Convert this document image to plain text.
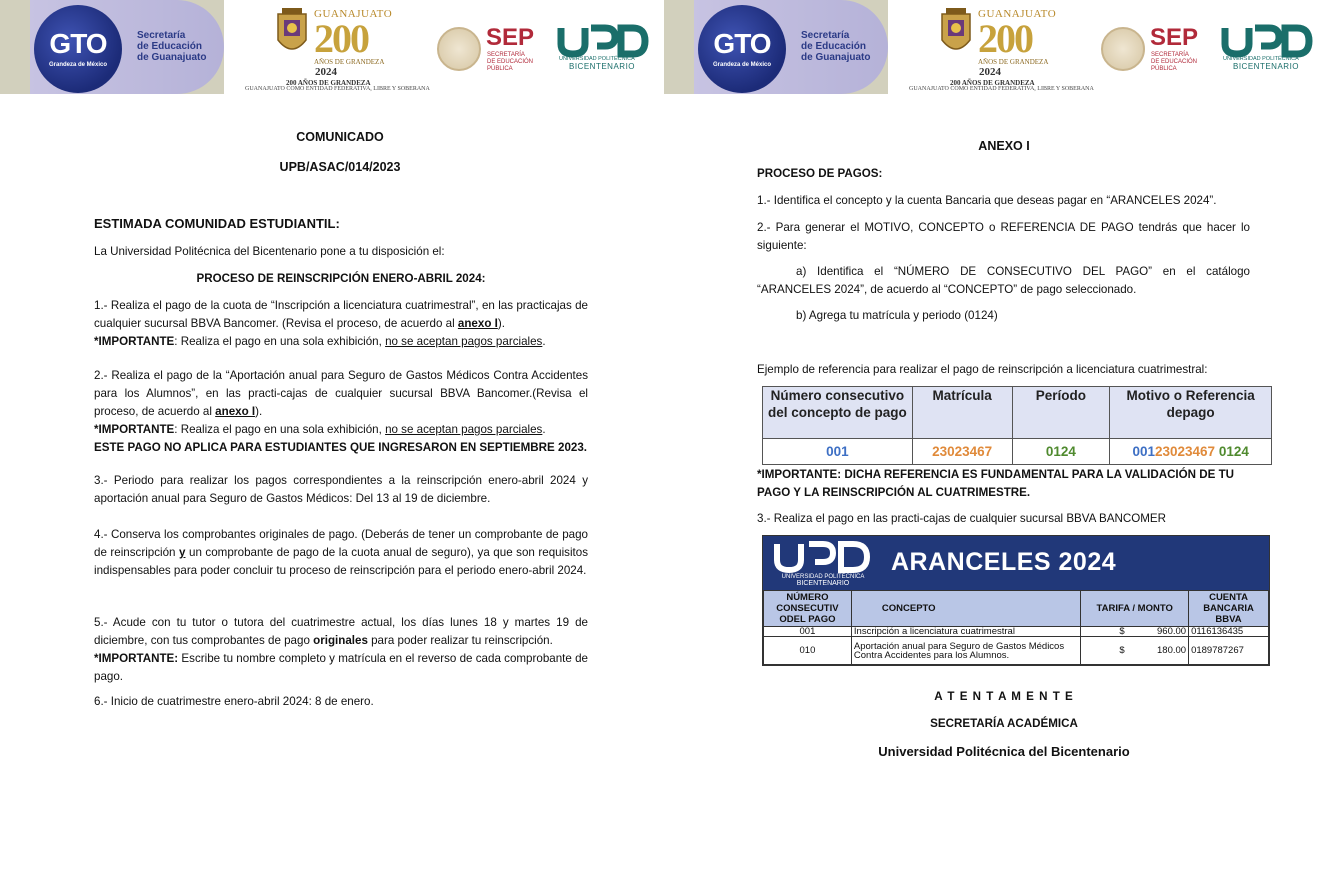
GTO
Grandeza de México
Secretaría
de Educación
de Guanajuato
GUANAJUATO
200
AÑOS DE GRANDEZA
2024
200 AÑOS DE GRANDEZA
GUANAJUATO COMO ENTIDAD FEDERATIVA, LIBRE Y SOBERANA
SEP
SECRETARÍA
DE EDUCACIÓN
PÚBLICA
UNIVERSIDAD POLITÉCNICA
BICENTENARIO
COMUNICADO
UPB/ASAC/014/2023
ESTIMADA COMUNIDAD ESTUDIANTIL:
La Universidad Politécnica del Bicentenario pone a tu disposición el:
PROCESO DE REINSCRIPCIÓN ENERO-ABRIL 2024:
1.- Realiza el pago de la cuota de “Inscripción a licenciatura cuatrimestral”, en las practicajas de cualquier sucursal BBVA Bancomer. (Revisa el proceso, de acuerdo al anexo I).
*IMPORTANTE: Realiza el pago en una sola exhibición, no se aceptan pagos parciales.
2.- Realiza el pago de la “Aportación anual para Seguro de Gastos Médicos Contra Accidentes para los Alumnos”, en las practi-cajas de cualquier sucursal BBVA Bancomer.(Revisa el proceso, de acuerdo al anexo I).
*IMPORTANTE: Realiza el pago en una sola exhibición, no se aceptan pagos parciales.
ESTE PAGO NO APLICA PARA ESTUDIANTES QUE INGRESARON EN SEPTIEMBRE 2023.
3.- Periodo para realizar los pagos correspondientes a la reinscripción enero-abril 2024 y aportación anual para Seguro de Gastos Médicos: Del 13 al 19 de diciembre.
4.- Conserva los comprobantes originales de pago. (Deberás de tener un comprobante de pago de reinscripción y un comprobante de pago de la cuota anual de seguro), ya que son requisitos indispensables para poder concluir tu proceso de reinscripción para el periodo enero-abril 2024.
5.- Acude con tu tutor o tutora del cuatrimestre actual, los días lunes 18 y martes 19 de diciembre, con tus comprobantes de pago originales para poder realizar tu reinscripción.
*IMPORTANTE: Escribe tu nombre completo y matrícula en el reverso de cada comprobante de pago.
6.- Inicio de cuatrimestre enero-abril 2024: 8 de enero.
GTO
Grandeza de México
Secretaría
de Educación
de Guanajuato
GUANAJUATO
200
AÑOS DE GRANDEZA
2024
200 AÑOS DE GRANDEZA
GUANAJUATO COMO ENTIDAD FEDERATIVA, LIBRE Y SOBERANA
SEP
SECRETARÍA
DE EDUCACIÓN
PÚBLICA
UNIVERSIDAD POLITÉCNICA
BICENTENARIO
ANEXO I
PROCESO DE PAGOS:
1.- Identifica el concepto y la cuenta Bancaria que deseas pagar en “ARANCELES 2024”.
2.- Para generar el MOTIVO, CONCEPTO o REFERENCIA DE PAGO tendrás que hacer lo siguiente:
a) Identifica el “NÚMERO DE CONSECUTIVO DEL PAGO” en el catálogo “ARANCELES 2024”, de acuerdo al “CONCEPTO” de pago seleccionado.
b) Agrega tu matrícula y periodo (0124)
Ejemplo de referencia para realizar el pago de reinscripción a licenciatura cuatrimestral:
Número consecutivo del concepto de pago	Matrícula	Período	Motivo o Referencia depago
001	23023467	0124	00123023467 0124
*IMPORTANTE: DICHA REFERENCIA ES FUNDAMENTAL PARA LA VALIDACIÓN DE TU PAGO Y LA REINSCRIPCIÓN AL CUATRIMESTRE.
3.- Realiza el pago en las practi-cajas de cualquier sucursal BBVA BANCOMER
UNIVERSIDAD POLITÉCNICA
BICENTENARIO
ARANCELES 2024
NÚMERO CONSECUTIV ODEL PAGO	CONCEPTO	TARIFA / MONTO	CUENTA BANCARIA BBVA
001	Inscripción a licenciatura cuatrimestral	$ 960.00	0116136435
010	Aportación anual para Seguro de Gastos Médicos Contra Accidentes para los Alumnos.	$ 180.00	0189787267
A T E N T A M E N T E
SECRETARÍA ACADÉMICA
Universidad Politécnica del Bicentenario
